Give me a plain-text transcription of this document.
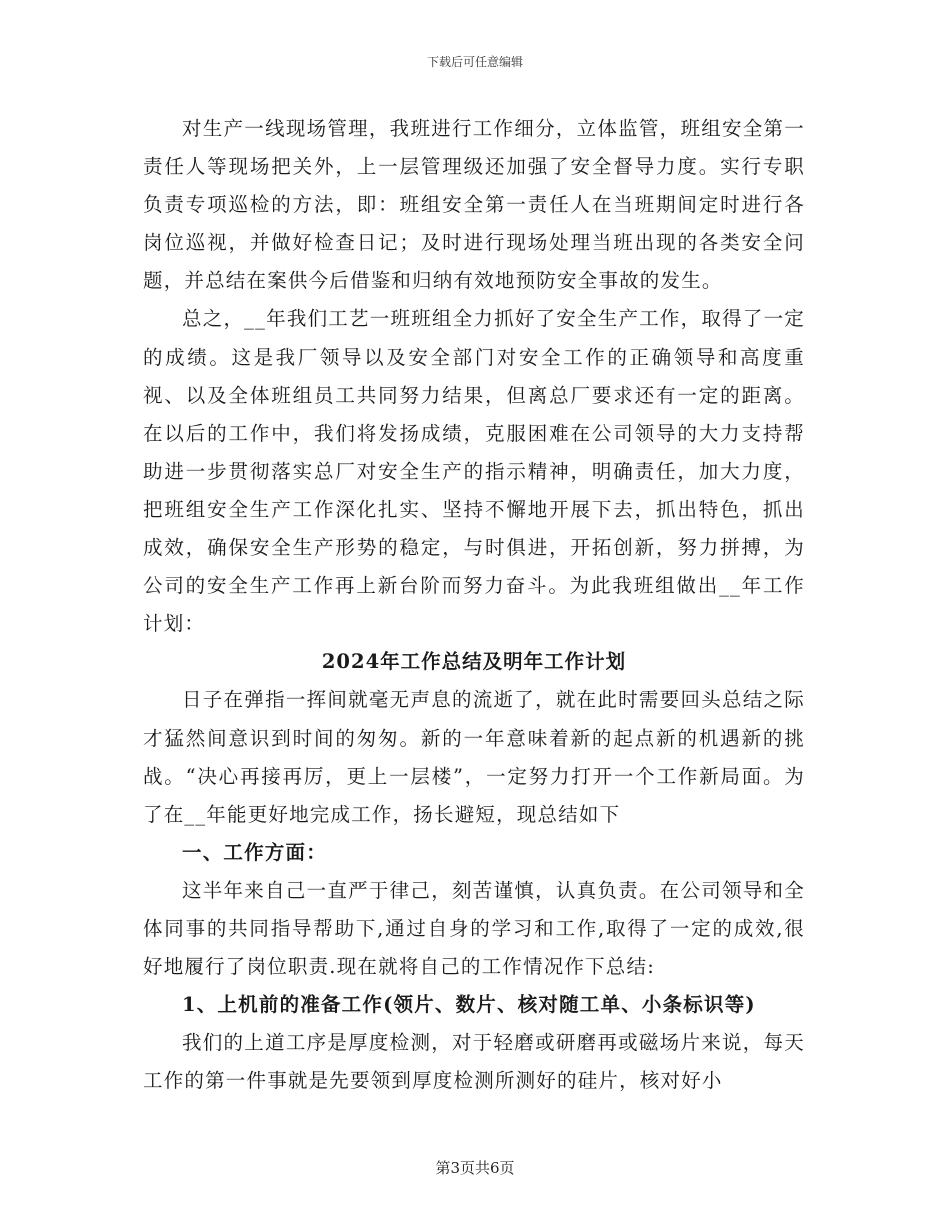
下载后可任意编辑

对生产一线现场管理，我班进行工作细分，立体监管，班组安全第一责任人等现场把关外，上一层管理级还加强了安全督导力度。实行专职负责专项巡检的方法，即：班组安全第一责任人在当班期间定时进行各岗位巡视，并做好检查日记；及时进行现场处理当班出现的各类安全问题，并总结在案供今后借鉴和归纳有效地预防安全事故的发生。

总之，__年我们工艺一班班组全力抓好了安全生产工作，取得了一定的成绩。这是我厂领导以及安全部门对安全工作的正确领导和高度重视、以及全体班组员工共同努力结果，但离总厂要求还有一定的距离。在以后的工作中，我们将发扬成绩，克服困难在公司领导的大力支持帮助进一步贯彻落实总厂对安全生产的指示精神，明确责任，加大力度，把班组安全生产工作深化扎实、坚持不懈地开展下去，抓出特色，抓出成效，确保安全生产形势的稳定，与时俱进，开拓创新，努力拼搏，为公司的安全生产工作再上新台阶而努力奋斗。为此我班组做出__年工作计划：

2024年工作总结及明年工作计划

日子在弹指一挥间就毫无声息的流逝了，就在此时需要回头总结之际才猛然间意识到时间的匆匆。新的一年意味着新的起点新的机遇新的挑战。“决心再接再厉，更上一层楼”，一定努力打开一个工作新局面。为了在__年能更好地完成工作，扬长避短，现总结如下

一、工作方面：

这半年来自己一直严于律己，刻苦谨慎，认真负责。在公司领导和全体同事的共同指导帮助下,通过自身的学习和工作,取得了一定的成效,很好地履行了岗位职责.现在就将自己的工作情况作下总结:

1、上机前的准备工作(领片、数片、核对随工单、小条标识等)

我们的上道工序是厚度检测，对于轻磨或研磨再或磁场片来说，每天工作的第一件事就是先要领到厚度检测所测好的硅片，核对好小

第3页共6页
